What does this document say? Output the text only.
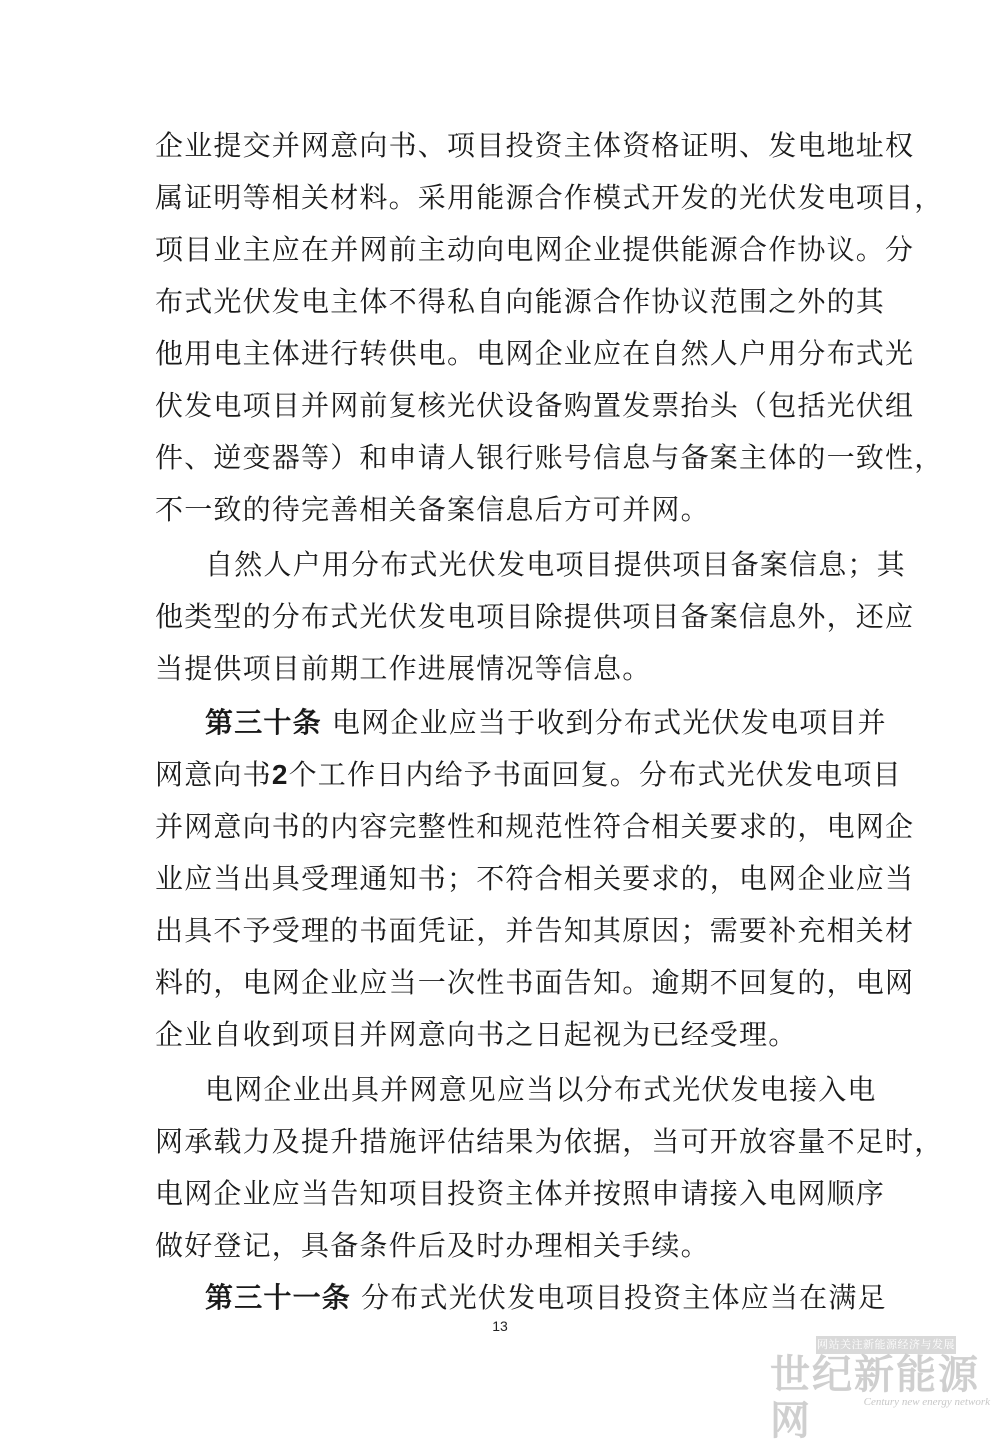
企业提交并网意向书、项目投资主体资格证明、发电地址权
属证明等相关材料。采用能源合作模式开发的光伏发电项目，
项目业主应在并网前主动向电网企业提供能源合作协议。分
布式光伏发电主体不得私自向能源合作协议范围之外的其
他用电主体进行转供电。电网企业应在自然人户用分布式光
伏发电项目并网前复核光伏设备购置发票抬头（包括光伏组
件、逆变器等）和申请人银行账号信息与备案主体的一致性，
不一致的待完善相关备案信息后方可并网。
自然人户用分布式光伏发电项目提供项目备案信息；其
他类型的分布式光伏发电项目除提供项目备案信息外，还应
当提供项目前期工作进展情况等信息。
第三十条 电网企业应当于收到分布式光伏发电项目并
网意向书2个工作日内给予书面回复。分布式光伏发电项目
并网意向书的内容完整性和规范性符合相关要求的，电网企
业应当出具受理通知书；不符合相关要求的，电网企业应当
出具不予受理的书面凭证，并告知其原因；需要补充相关材
料的，电网企业应当一次性书面告知。逾期不回复的，电网
企业自收到项目并网意向书之日起视为已经受理。
电网企业出具并网意见应当以分布式光伏发电接入电
网承载力及提升措施评估结果为依据，当可开放容量不足时，
电网企业应当告知项目投资主体并按照申请接入电网顺序
做好登记，具备条件后及时办理相关手续。
第三十一条 分布式光伏发电项目投资主体应当在满足
13
网站关注新能源经济与发展
世纪新能源网	Century new energy network
